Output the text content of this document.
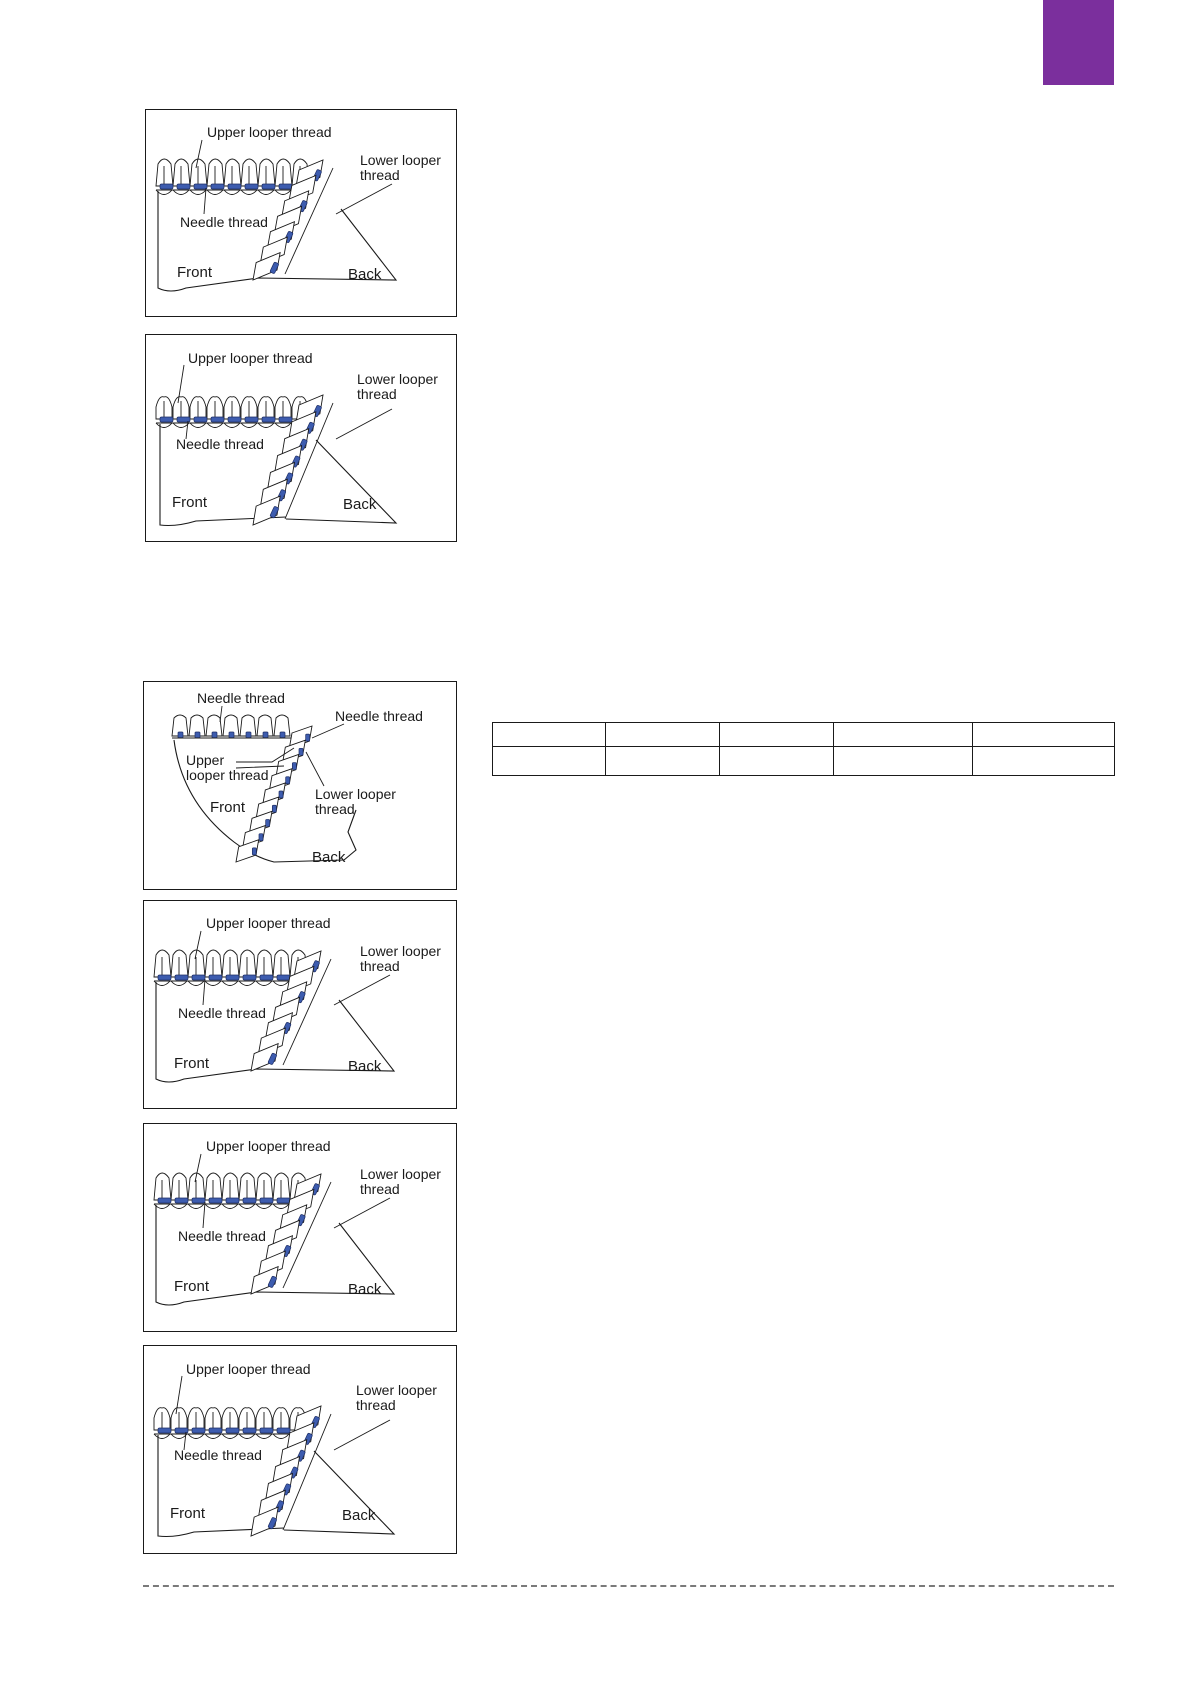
Upper looper thread
Lower looper
thread
Needle thread
Front	Back
Upper looper thread
Lower looper
thread
Needle thread
Front	Back
Needle thread
Needle thread
Upper
looper thread
Lower looper
thread
Front
Back
Upper looper thread
Lower looper
thread
Needle thread
Front	Back
Upper looper thread
Lower looper
thread
Needle thread
Front	Back
Upper looper thread
Lower looper
thread
Needle thread
Front	Back
